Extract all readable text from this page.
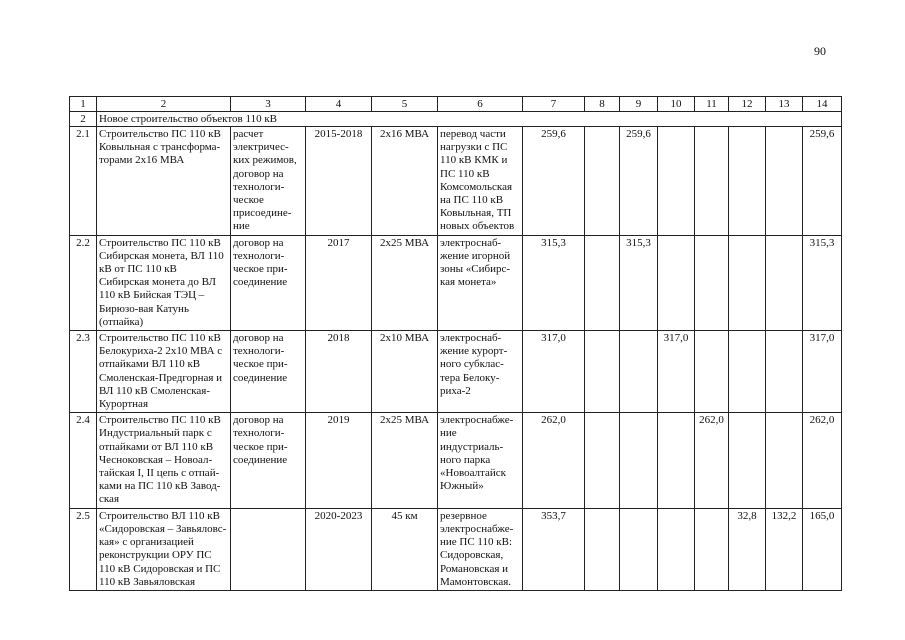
90
1	2	3	4	5	6	7	8	9	10	11	12	13	14
2	Новое строительство объектов 110 кВ												
2.1	Строительство ПС 110 кВ Ковыльная с трансформа-торами 2х16 МВА	расчет электричес-ких режимов, договор на технологи-ческое присоедине-ние	2015-2018	2х16 МВА	перевод части нагрузки с ПС 110 кВ КМК и ПС 110 кВ Комсомольская на ПС 110 кВ Ковыльная, ТП новых объектов	259,6		259,6					259,6
2.2	Строительство ПС 110 кВ Сибирская монета, ВЛ 110 кВ от ПС 110 кВ Сибирская монета до ВЛ 110 кВ Бийская ТЭЦ – Бирюзо-вая Катунь (отпайка)	договор на технологи-ческое при-соединение	2017	2х25 МВА	электроснаб-жение игорной зоны «Сибирс-кая монета»	315,3		315,3					315,3
2.3	Строительство ПС 110 кВ Белокуриха-2 2х10 МВА с отпайками ВЛ 110 кВ Смоленская-Предгорная и ВЛ 110 кВ Смоленская-Курортная	договор на технологи-ческое при-соединение	2018	2х10 МВА	электроснаб-жение курорт-ного субклас-тера Белоку-риха-2	317,0			317,0				317,0
2.4	Строительство ПС 110 кВ Индустриальный парк с отпайками от ВЛ 110 кВ Чесноковская – Новоал-тайская I, II цепь с отпай-ками на ПС 110 кВ Завод-ская	договор на технологи-ческое при-соединение	2019	2х25 МВА	электроснабже-ние индустриаль-ного парка «Новоалтайск Южный»	262,0				262,0			262,0
2.5	Строительство ВЛ 110 кВ «Сидоровская – Завьяловс-кая» с организацией реконструкции ОРУ ПС 110 кВ Сидоровская и ПС 110 кВ Завьяловская		2020-2023	45 км	резервное электроснабже-ние ПС 110 кВ: Сидоровская, Романовская и Мамонтовская.	353,7					32,8	132,2	165,0
